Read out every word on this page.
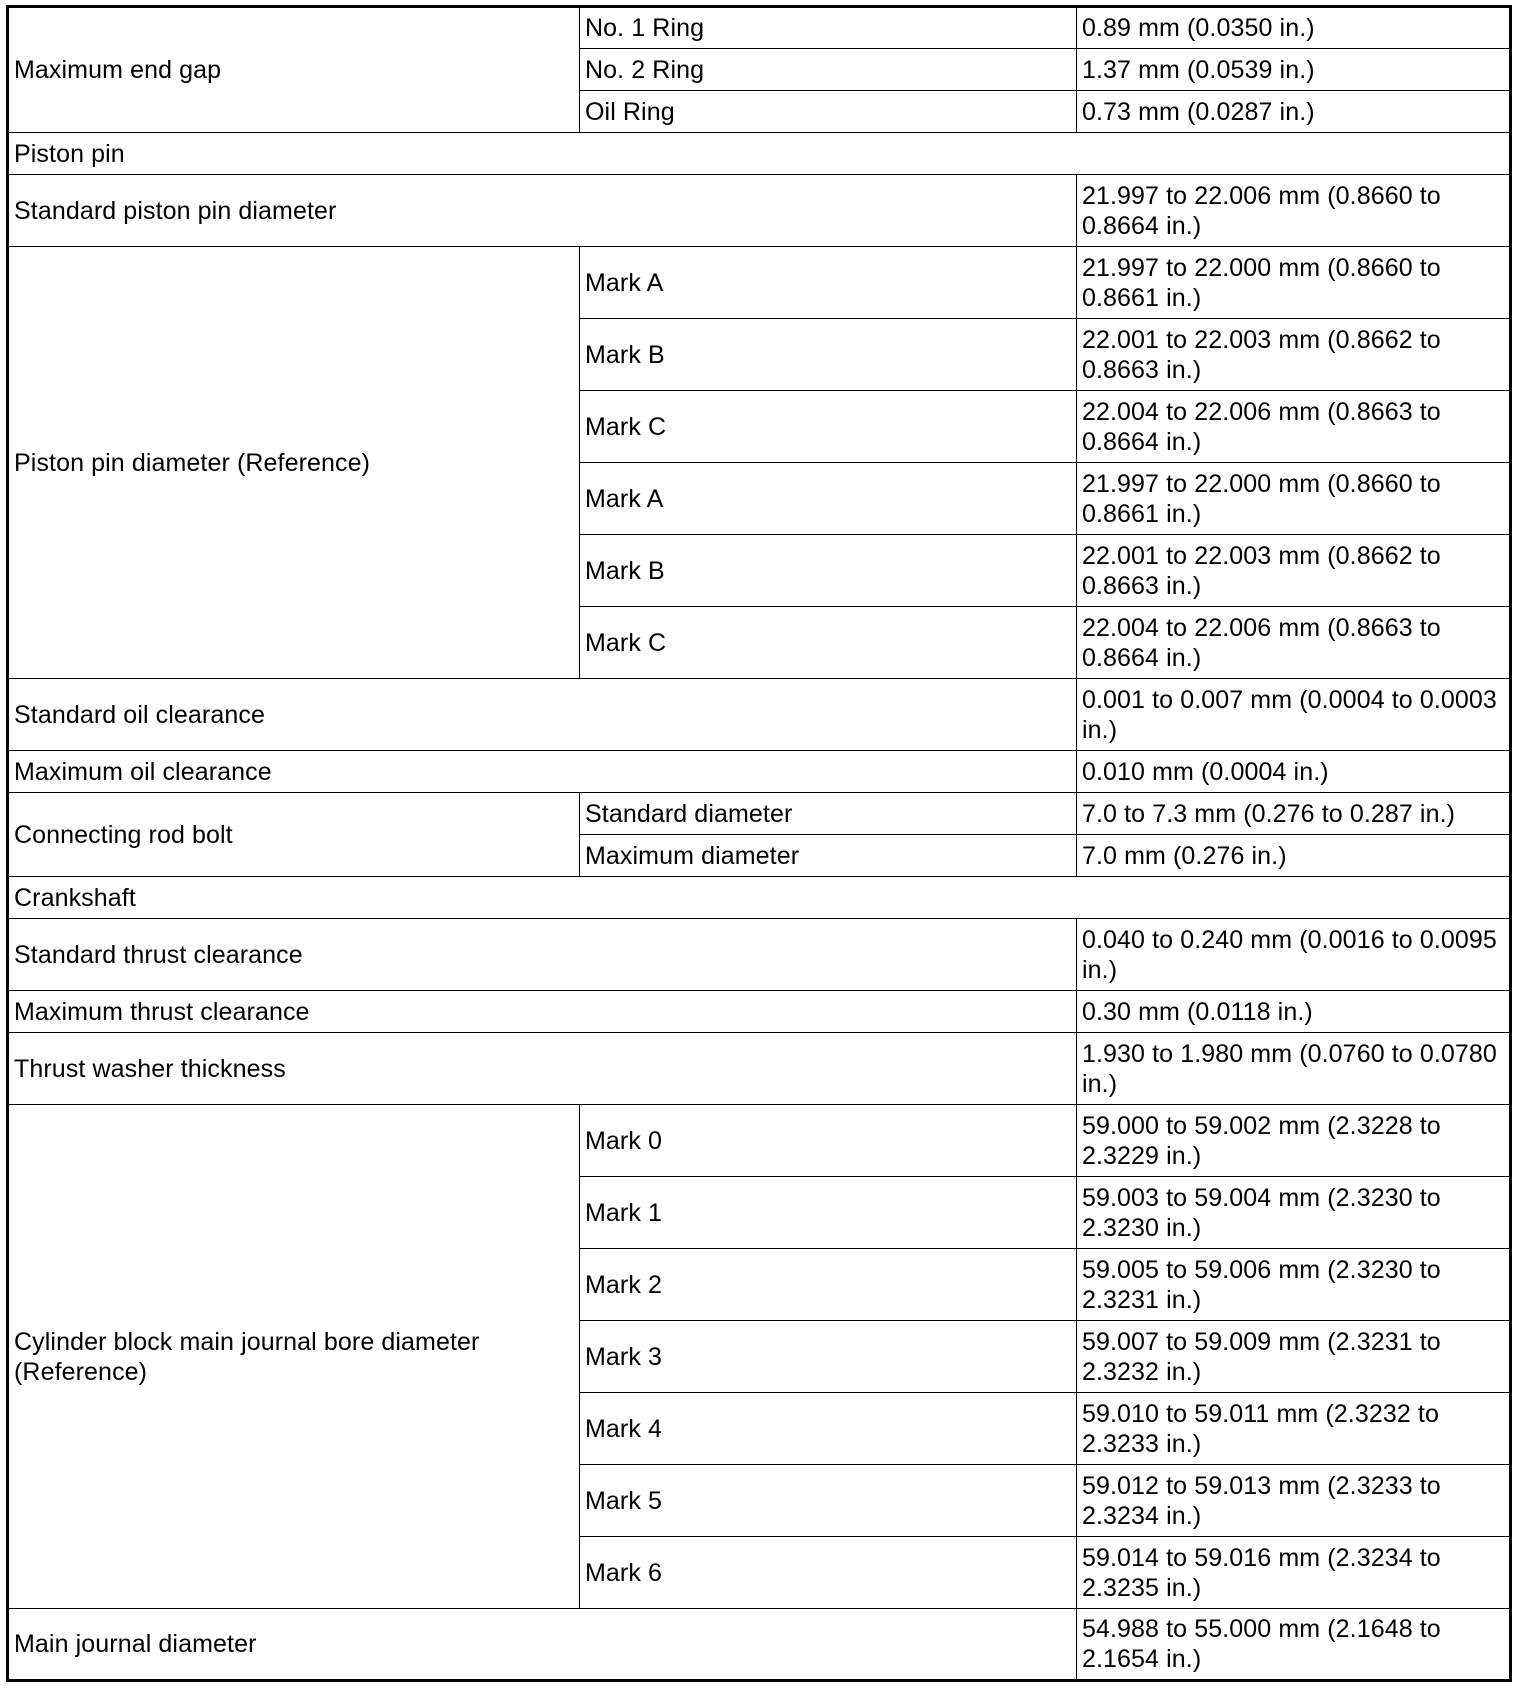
Maximum end gap	No. 1 Ring	0.89 mm (0.0350 in.)
	No. 2 Ring	1.37 mm (0.0539 in.)
	Oil Ring	0.73 mm (0.0287 in.)
Piston pin		
Standard piston pin diameter		21.997 to 22.006 mm (0.8660 to 0.8664 in.)
Piston pin diameter (Reference)	Mark A	21.997 to 22.000 mm (0.8660 to 0.8661 in.)
	Mark B	22.001 to 22.003 mm (0.8662 to 0.8663 in.)
	Mark C	22.004 to 22.006 mm (0.8663 to 0.8664 in.)
	Mark A	21.997 to 22.000 mm (0.8660 to 0.8661 in.)
	Mark B	22.001 to 22.003 mm (0.8662 to 0.8663 in.)
	Mark C	22.004 to 22.006 mm (0.8663 to 0.8664 in.)
Standard oil clearance		0.001 to 0.007 mm (0.0004 to 0.0003 in.)
Maximum oil clearance		0.010 mm (0.0004 in.)
Connecting rod bolt	Standard diameter	7.0 to 7.3 mm (0.276 to 0.287 in.)
	Maximum diameter	7.0 mm (0.276 in.)
Crankshaft		
Standard thrust clearance		0.040 to 0.240 mm (0.0016 to 0.0095 in.)
Maximum thrust clearance		0.30 mm (0.0118 in.)
Thrust washer thickness		1.930 to 1.980 mm (0.0760 to 0.0780 in.)
Cylinder block main journal bore diameter (Reference)	Mark 0	59.000 to 59.002 mm (2.3228 to 2.3229 in.)
	Mark 1	59.003 to 59.004 mm (2.3230 to 2.3230 in.)
	Mark 2	59.005 to 59.006 mm (2.3230 to 2.3231 in.)
	Mark 3	59.007 to 59.009 mm (2.3231 to 2.3232 in.)
	Mark 4	59.010 to 59.011 mm (2.3232 to 2.3233 in.)
	Mark 5	59.012 to 59.013 mm (2.3233 to 2.3234 in.)
	Mark 6	59.014 to 59.016 mm (2.3234 to 2.3235 in.)
Main journal diameter		54.988 to 55.000 mm (2.1648 to 2.1654 in.)
